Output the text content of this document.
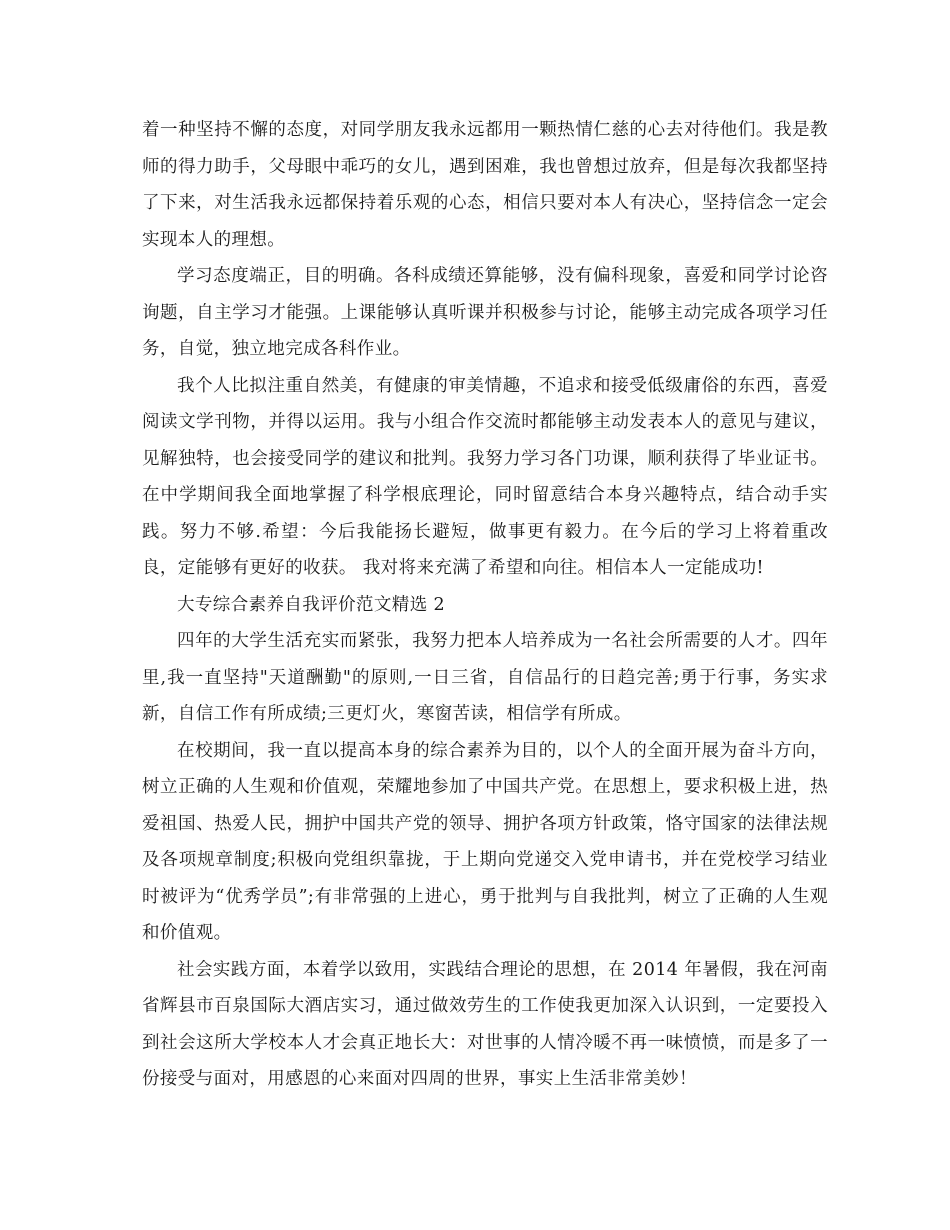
着一种坚持不懈的态度，对同学朋友我永远都用一颗热情仁慈的心去对待他们。我是教师的得力助手，父母眼中乖巧的女儿，遇到困难，我也曾想过放弃，但是每次我都坚持了下来，对生活我永远都保持着乐观的心态，相信只要对本人有决心，坚持信念一定会实现本人的理想。

学习态度端正，目的明确。各科成绩还算能够，没有偏科现象，喜爱和同学讨论咨询题，自主学习才能强。上课能够认真听课并积极参与讨论，能够主动完成各项学习任务，自觉，独立地完成各科作业。

我个人比拟注重自然美，有健康的审美情趣，不追求和接受低级庸俗的东西，喜爱阅读文学刊物，并得以运用。我与小组合作交流时都能够主动发表本人的意见与建议，见解独特，也会接受同学的建议和批判。我努力学习各门功课，顺利获得了毕业证书。在中学期间我全面地掌握了科学根底理论，同时留意结合本身兴趣特点，结合动手实践。努力不够.希望：今后我能扬长避短，做事更有毅力。在今后的学习上将着重改良，定能够有更好的收获。 我对将来充满了希望和向往。相信本人一定能成功!

大专综合素养自我评价范文精选 2

四年的大学生活充实而紧张，我努力把本人培养成为一名社会所需要的人才。四年里,我一直坚持"天道酬勤"的原则,一日三省，自信品行的日趋完善;勇于行事，务实求新，自信工作有所成绩;三更灯火，寒窗苦读，相信学有所成。

在校期间，我一直以提高本身的综合素养为目的，以个人的全面开展为奋斗方向，树立正确的人生观和价值观，荣耀地参加了中国共产党。在思想上，要求积极上进，热爱祖国、热爱人民，拥护中国共产党的领导、拥护各项方针政策，恪守国家的法律法规及各项规章制度;积极向党组织靠拢，于上期向党递交入党申请书，并在党校学习结业时被评为“优秀学员”;有非常强的上进心，勇于批判与自我批判，树立了正确的人生观和价值观。

社会实践方面，本着学以致用，实践结合理论的思想，在 2014 年暑假，我在河南省辉县市百泉国际大酒店实习，通过做效劳生的工作使我更加深入认识到，一定要投入到社会这所大学校本人才会真正地长大：对世事的人情冷暖不再一味愤愤，而是多了一份接受与面对，用感恩的心来面对四周的世界，事实上生活非常美妙！
